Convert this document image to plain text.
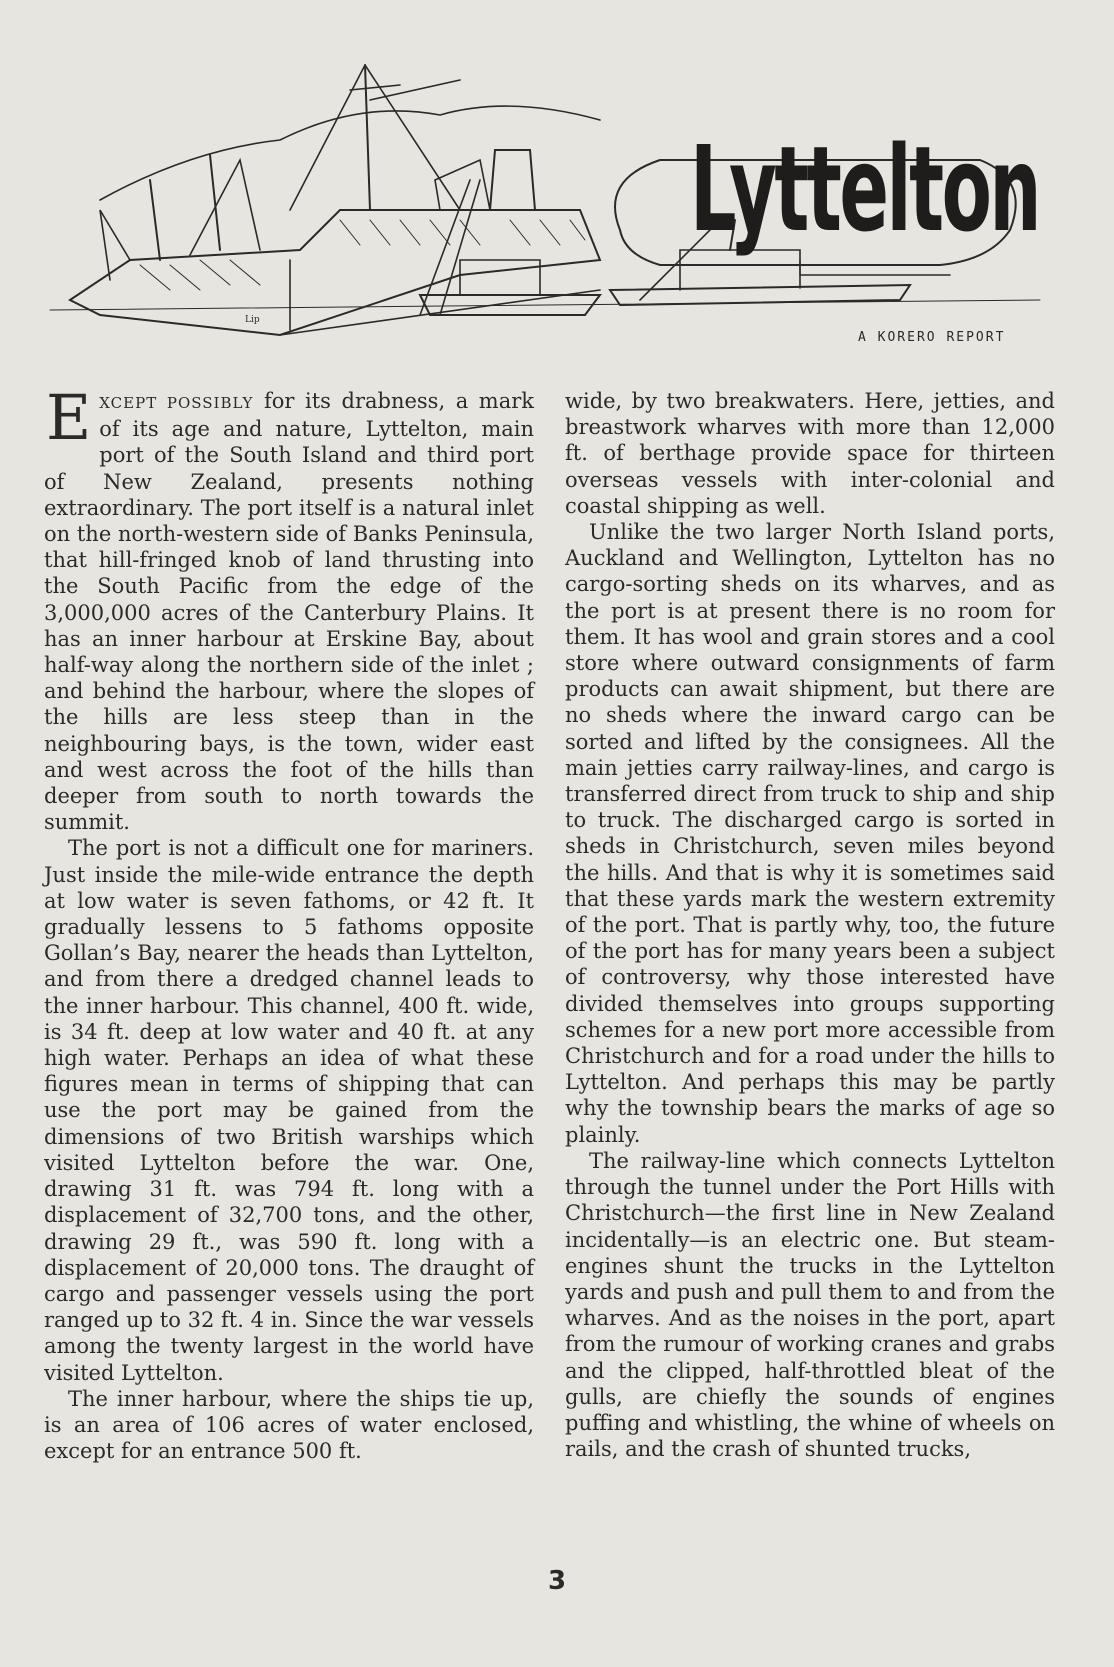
Lip
Lyttelton
A KORERO REPORT

EXCEPT POSSIBLY for its drabness, a mark of its age and nature, Lyttelton, main port of the South Island and third port of New Zealand, presents nothing extraordinary. The port itself is a natural inlet on the north-western side of Banks Peninsula, that hill-fringed knob of land thrusting into the South Pacific from the edge of the 3,000,000 acres of the Canterbury Plains. It has an inner harbour at Erskine Bay, about half-way along the northern side of the inlet ; and behind the harbour, where the slopes of the hills are less steep than in the neighbouring bays, is the town, wider east and west across the foot of the hills than deeper from south to north towards the summit.

The port is not a difficult one for mariners. Just inside the mile-wide entrance the depth at low water is seven fathoms, or 42 ft. It gradually lessens to 5 fathoms opposite Gollan’s Bay, nearer the heads than Lyttelton, and from there a dredged channel leads to the inner harbour. This channel, 400 ft. wide, is 34 ft. deep at low water and 40 ft. at any high water. Perhaps an idea of what these figures mean in terms of shipping that can use the port may be gained from the dimensions of two British warships which visited Lyttelton before the war. One, drawing 31 ft. was 794 ft. long with a displacement of 32,700 tons, and the other, drawing 29 ft., was 590 ft. long with a displacement of 20,000 tons. The draught of cargo and passenger vessels using the port ranged up to 32 ft. 4 in. Since the war vessels among the twenty largest in the world have visited Lyttelton.

The inner harbour, where the ships tie up, is an area of 106 acres of water enclosed, except for an entrance 500 ft.

wide, by two breakwaters. Here, jetties, and breastwork wharves with more than 12,000 ft. of berthage provide space for thirteen overseas vessels with inter-colonial and coastal shipping as well.

Unlike the two larger North Island ports, Auckland and Wellington, Lyttelton has no cargo-sorting sheds on its wharves, and as the port is at present there is no room for them. It has wool and grain stores and a cool store where outward consignments of farm products can await shipment, but there are no sheds where the inward cargo can be sorted and lifted by the consignees. All the main jetties carry railway-lines, and cargo is transferred direct from truck to ship and ship to truck. The discharged cargo is sorted in sheds in Christchurch, seven miles beyond the hills. And that is why it is sometimes said that these yards mark the western extremity of the port. That is partly why, too, the future of the port has for many years been a subject of controversy, why those interested have divided themselves into groups supporting schemes for a new port more accessible from Christchurch and for a road under the hills to Lyttelton. And perhaps this may be partly why the township bears the marks of age so plainly.

The railway-line which connects Lyttelton through the tunnel under the Port Hills with Christchurch—the first line in New Zealand incidentally—is an electric one. But steam-engines shunt the trucks in the Lyttelton yards and push and pull them to and from the wharves. And as the noises in the port, apart from the rumour of working cranes and grabs and the clipped, half-throttled bleat of the gulls, are chiefly the sounds of engines puffing and whistling, the whine of wheels on rails, and the crash of shunted trucks,

3
